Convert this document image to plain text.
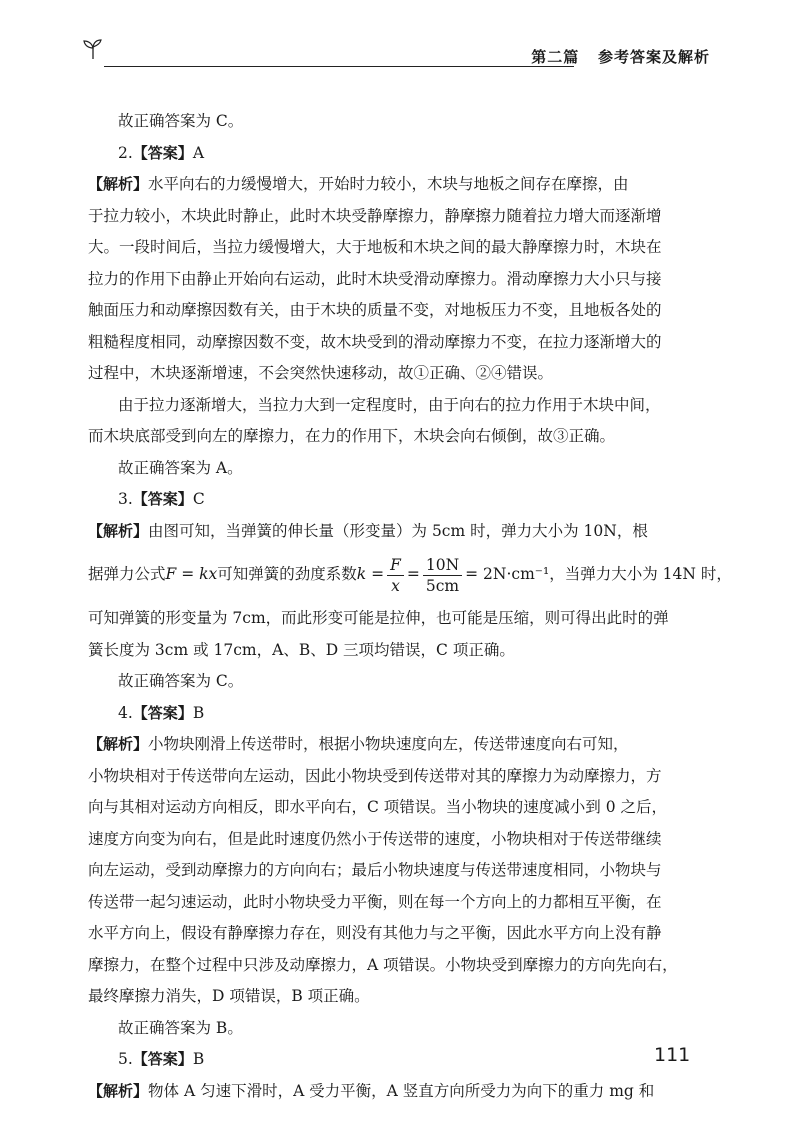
第二篇 参考答案及解析
故正确答案为 C。
2.【答案】A
【解析】水平向右的力缓慢增大，开始时力较小，木块与地板之间存在摩擦，由
于拉力较小，木块此时静止，此时木块受静摩擦力，静摩擦力随着拉力增大而逐渐增
大。一段时间后，当拉力缓慢增大，大于地板和木块之间的最大静摩擦力时，木块在
拉力的作用下由静止开始向右运动，此时木块受滑动摩擦力。滑动摩擦力大小只与接
触面压力和动摩擦因数有关，由于木块的质量不变，对地板压力不变，且地板各处的
粗糙程度相同，动摩擦因数不变，故木块受到的滑动摩擦力不变，在拉力逐渐增大的
过程中，木块逐渐增速，不会突然快速移动，故①正确、②④错误。
由于拉力逐渐增大，当拉力大到一定程度时，由于向右的拉力作用于木块中间，
而木块底部受到向左的摩擦力，在力的作用下，木块会向右倾倒，故③正确。
故正确答案为 A。
3.【答案】C
【解析】由图可知，当弹簧的伸长量（形变量）为 5cm 时，弹力大小为 10N，根
据弹力公式 F = kx 可知弹簧的劲度系数 $k = \frac{F}{x} = \frac{10N}{5cm} = 2N\cdot cm^{-1}$ ，当弹力大小为 14N 时，
可知弹簧的形变量为 7cm，而此形变可能是拉伸，也可能是压缩，则可得出此时的弹
簧长度为 3cm 或 17cm，A、B、D 三项均错误，C 项正确。
故正确答案为 C。
4.【答案】B
【解析】小物块刚滑上传送带时，根据小物块速度向左，传送带速度向右可知，
小物块相对于传送带向左运动，因此小物块受到传送带对其的摩擦力为动摩擦力，方
向与其相对运动方向相反，即水平向右，C 项错误。当小物块的速度减小到 0 之后，
速度方向变为向右，但是此时速度仍然小于传送带的速度，小物块相对于传送带继续
向左运动，受到动摩擦力的方向向右；最后小物块速度与传送带速度相同，小物块与
传送带一起匀速运动，此时小物块受力平衡，则在每一个方向上的力都相互平衡，在
水平方向上，假设有静摩擦力存在，则没有其他力与之平衡，因此水平方向上没有静
摩擦力，在整个过程中只涉及动摩擦力，A 项错误。小物块受到摩擦力的方向先向右，
最终摩擦力消失，D 项错误，B 项正确。
故正确答案为 B。
5.【答案】B
【解析】物体 A 匀速下滑时，A 受力平衡，A 竖直方向所受力为向下的重力 mg 和
111
